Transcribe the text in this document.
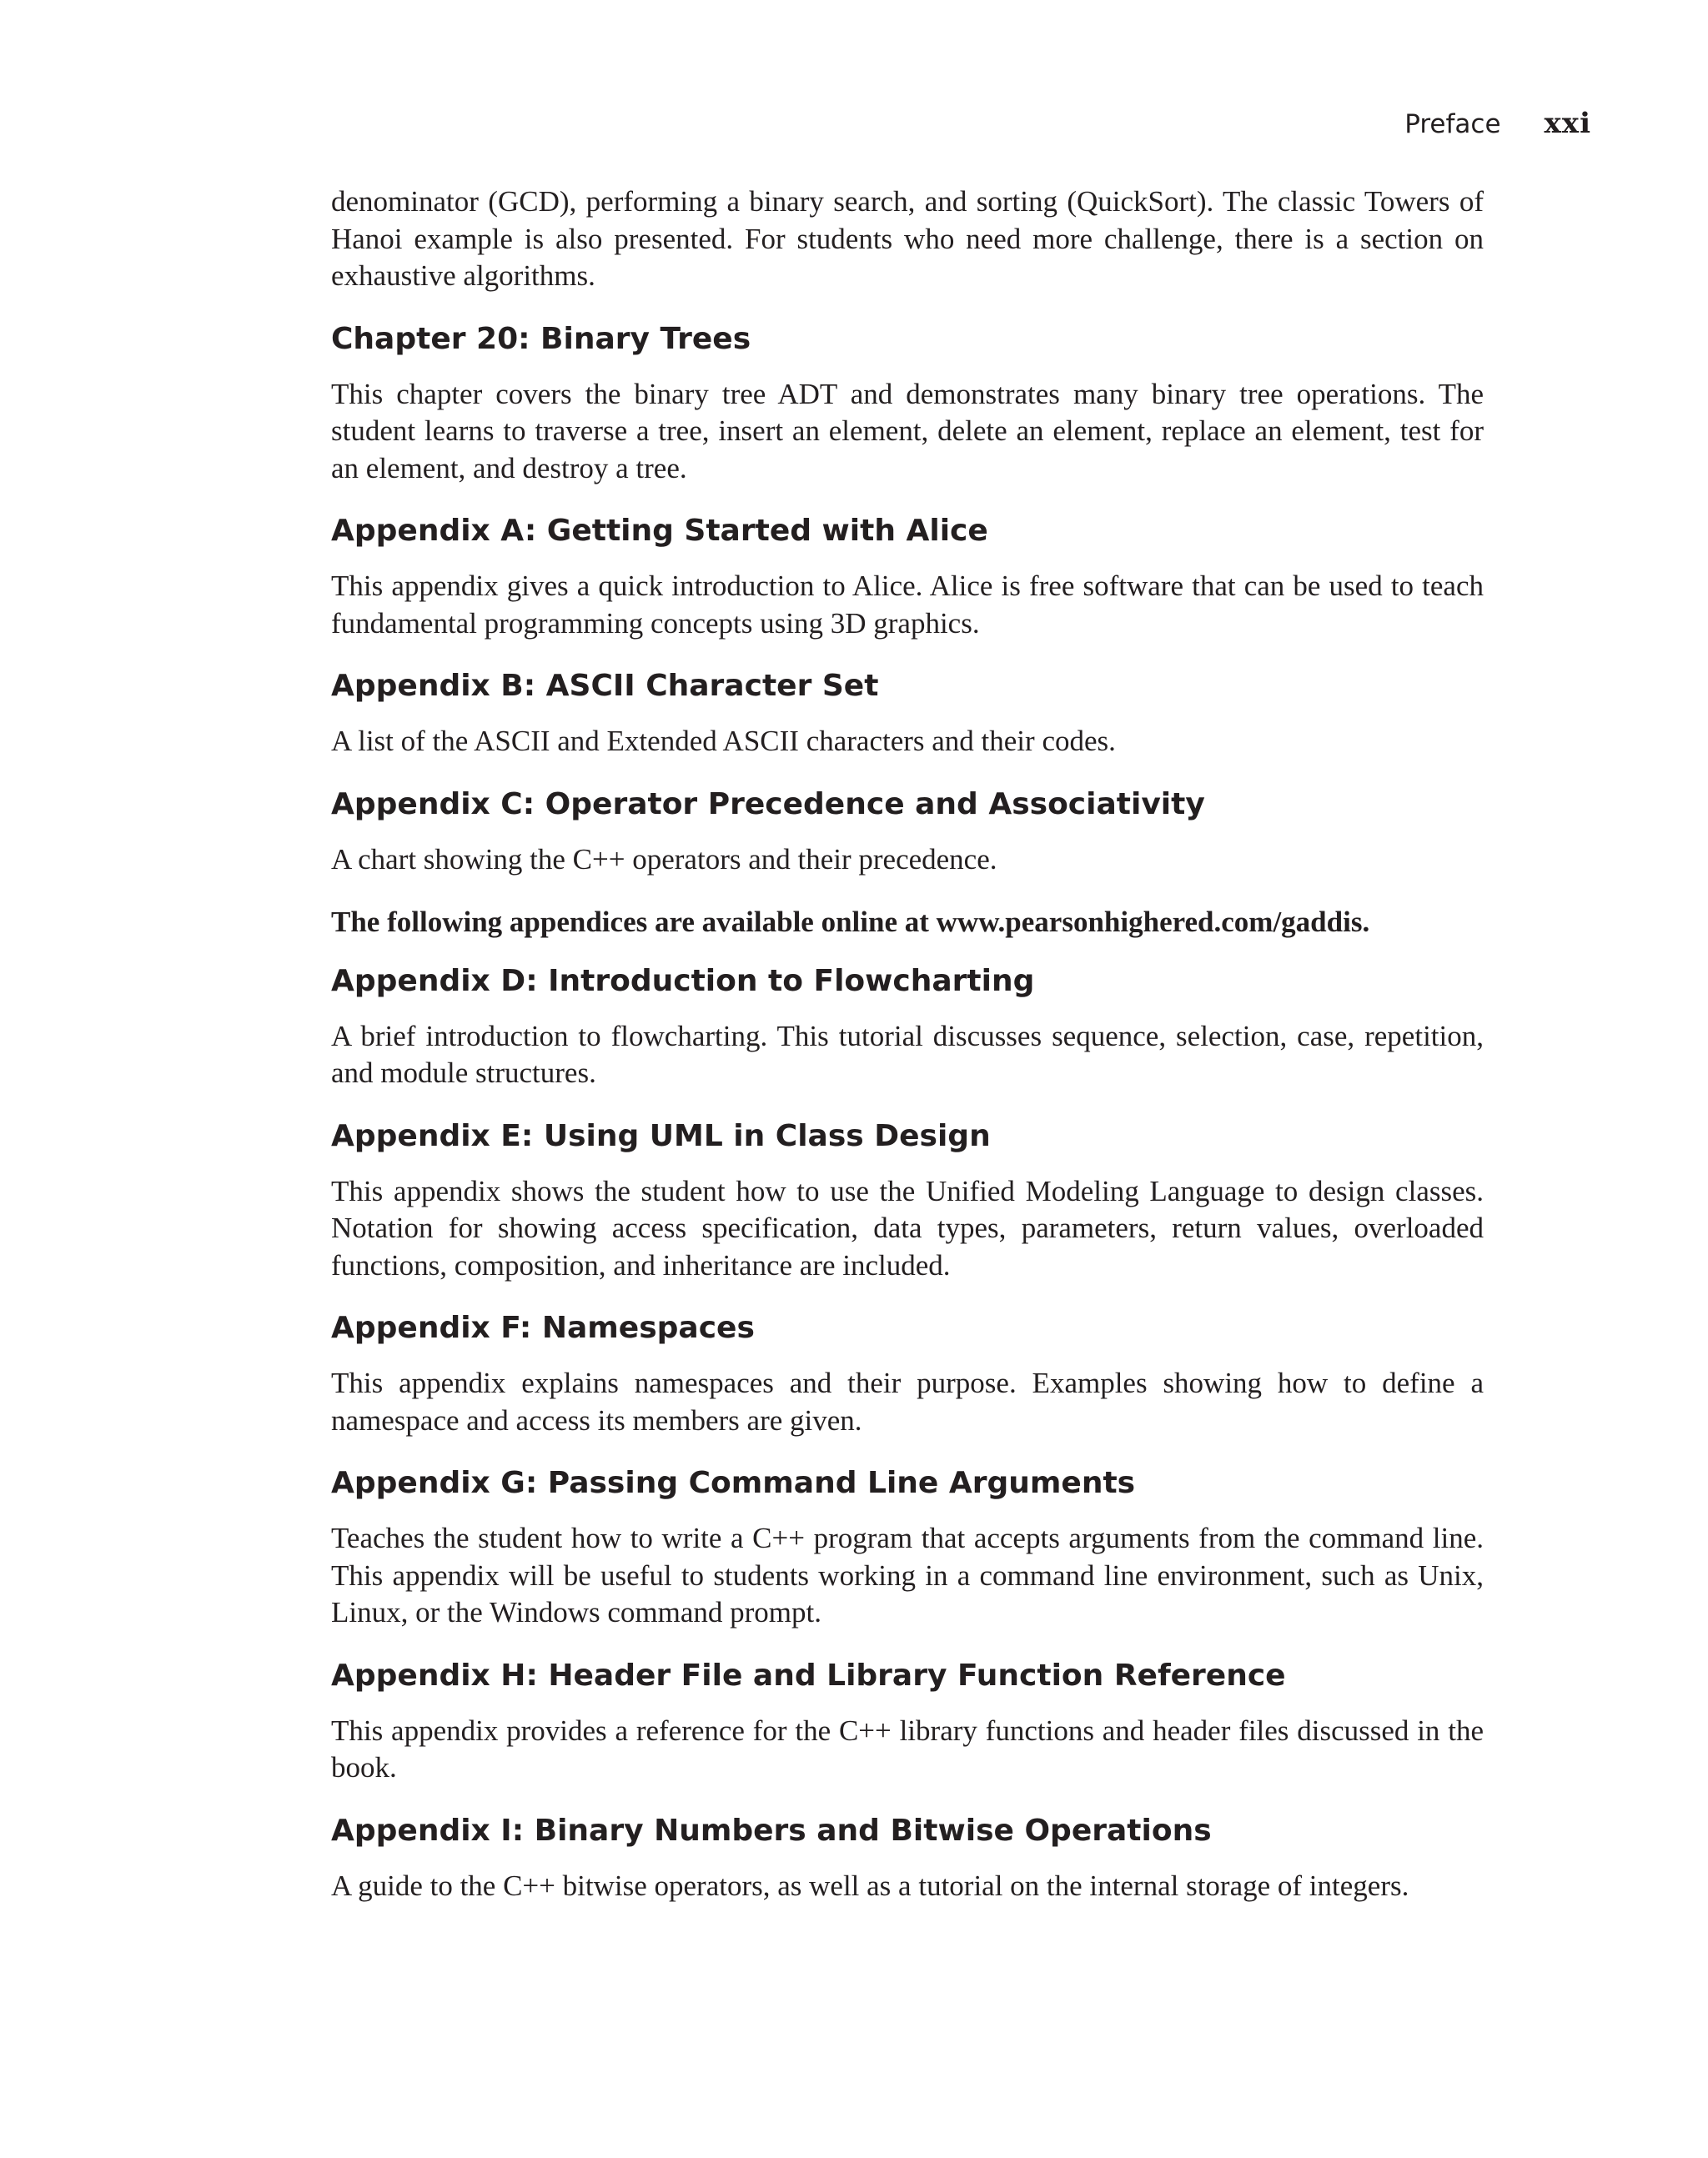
Preface xxi

denominator (GCD), performing a binary search, and sorting (QuickSort). The classic Towers of Hanoi example is also presented. For students who need more challenge, there is a section on exhaustive algorithms.

Chapter 20: Binary Trees

This chapter covers the binary tree ADT and demonstrates many binary tree operations. The student learns to traverse a tree, insert an element, delete an element, replace an element, test for an element, and destroy a tree.

Appendix A: Getting Started with Alice

This appendix gives a quick introduction to Alice. Alice is free software that can be used to teach fundamental programming concepts using 3D graphics.

Appendix B: ASCII Character Set

A list of the ASCII and Extended ASCII characters and their codes.

Appendix C: Operator Precedence and Associativity

A chart showing the C++ operators and their precedence.

The following appendices are available online at www.pearsonhighered.com/gaddis.

Appendix D: Introduction to Flowcharting

A brief introduction to flowcharting. This tutorial discusses sequence, selection, case, repetition, and module structures.

Appendix E: Using UML in Class Design

This appendix shows the student how to use the Unified Modeling Language to design classes. Notation for showing access specification, data types, parameters, return values, overloaded functions, composition, and inheritance are included.

Appendix F: Namespaces

This appendix explains namespaces and their purpose. Examples showing how to define a namespace and access its members are given.

Appendix G: Passing Command Line Arguments

Teaches the student how to write a C++ program that accepts arguments from the command line. This appendix will be useful to students working in a command line environment, such as Unix, Linux, or the Windows command prompt.

Appendix H: Header File and Library Function Reference

This appendix provides a reference for the C++ library functions and header files discussed in the book.

Appendix I: Binary Numbers and Bitwise Operations

A guide to the C++ bitwise operators, as well as a tutorial on the internal storage of integers.
